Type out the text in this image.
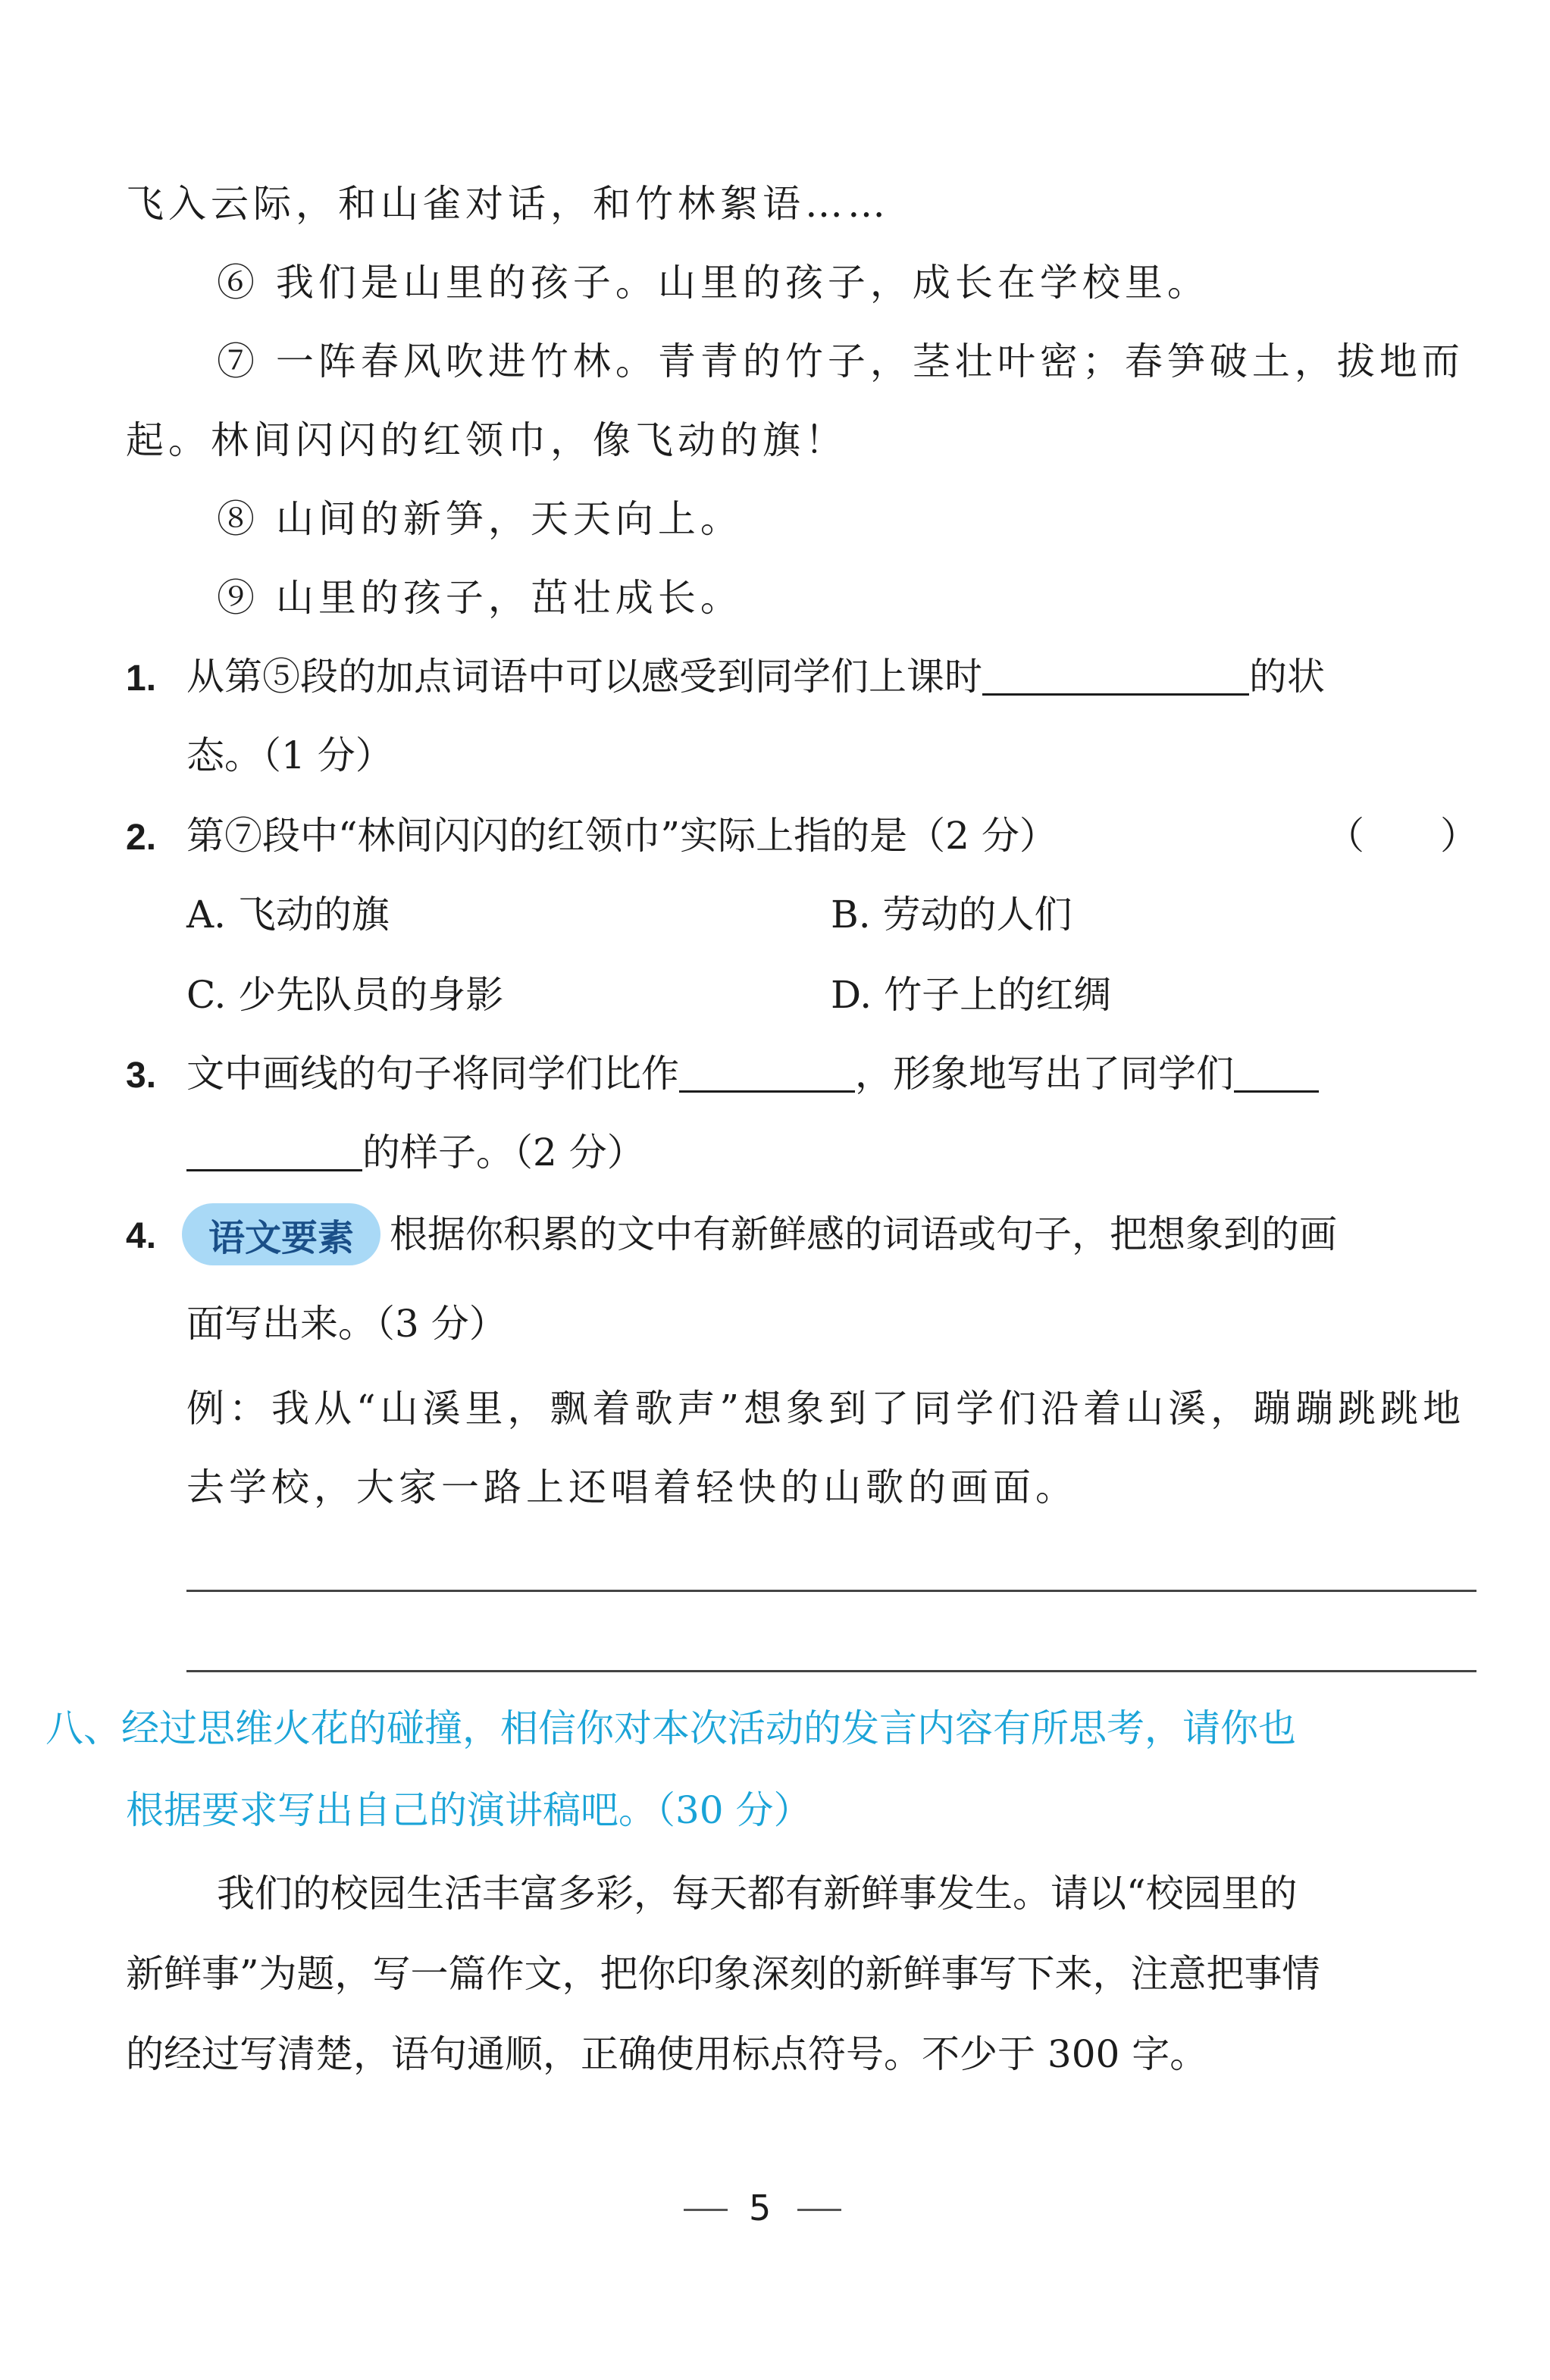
飞入云际，和山雀对话，和竹林絮语……
⑥ 我们是山里的孩子。山里的孩子，成长在学校里。
⑦ 一阵春风吹进竹林。青青的竹子，茎壮叶密；春笋破土，拔地而
起。林间闪闪的红领巾，像飞动的旗！
⑧ 山间的新笋，天天向上。
⑨ 山里的孩子，茁壮成长。
1. 从第⑤段的加点词语中可以感受到同学们上课时	的状
态。（1 分）
2. 第⑦段中“林间闪闪的红领巾”实际上指的是（2 分）	（　　）
A. 飞动的旗	B. 劳动的人们
C. 少先队员的身影	D. 竹子上的红绸
3. 文中画线的句子将同学们比作	，形象地写出了同学们
的样子。（2 分）
4.	语文要素 根据你积累的文中有新鲜感的词语或句子，把想象到的画
面写出来。（3 分）
例：我从“山溪里，飘着歌声”想象到了同学们沿着山溪，蹦蹦跳跳地
去学校，大家一路上还唱着轻快的山歌的画面。
八、经过思维火花的碰撞，相信你对本次活动的发言内容有所思考，请你也
根据要求写出自己的演讲稿吧。（30 分）
我们的校园生活丰富多彩，每天都有新鲜事发生。请以“校园里的
新鲜事”为题，写一篇作文，把你印象深刻的新鲜事写下来，注意把事情
的经过写清楚，语句通顺，正确使用标点符号。不少于 300 字。
5
